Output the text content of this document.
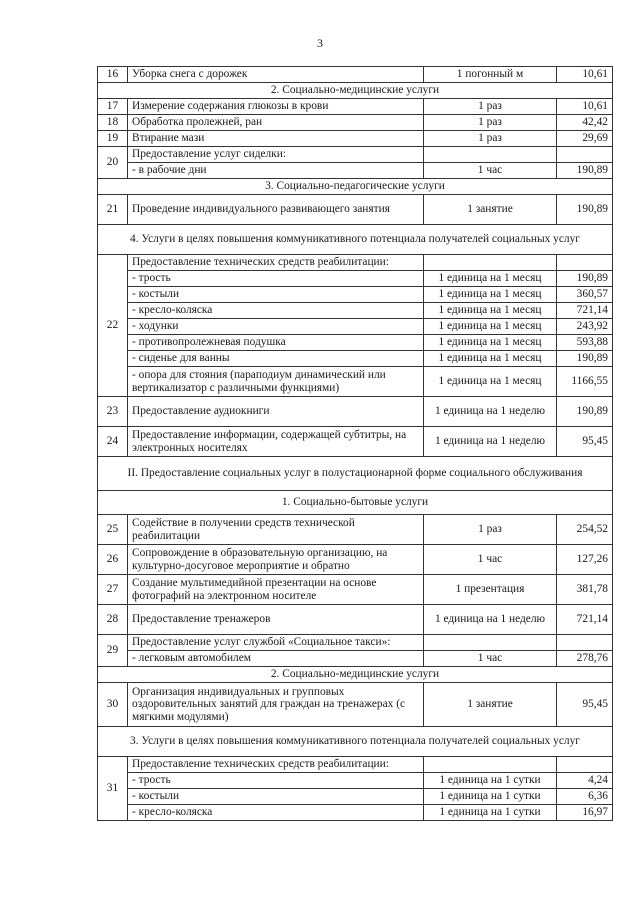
3
16	Уборка снега с дорожек	1 погонный м	10,61
2. Социально-медицинские услуги			
17	Измерение содержания глюкозы в крови	1 раз	10,61
18	Обработка пролежней, ран	1 раз	42,42
19	Втирание мази	1 раз	29,69
20	Предоставление услуг сиделки:		
	- в рабочие дни	1 час	190,89
3. Социально-педагогические услуги			
21	Проведение индивидуального развивающего занятия	1 занятие	190,89
4. Услуги в целях повышения коммуникативного потенциала получателей социальных услуг			
22	Предоставление технических средств реабилитации:		
	- трость	1 единица на 1 месяц	190,89
	- костыли	1 единица на 1 месяц	360,57
	- кресло-коляска	1 единица на 1 месяц	721,14
	- ходунки	1 единица на 1 месяц	243,92
	- противопролежневая подушка	1 единица на 1 месяц	593,88
	- сиденье для ванны	1 единица на 1 месяц	190,89
	- опора для стояния (парaподиум динамический или вертикализатор с различными функциями)	1 единица на 1 месяц	1166,55
23	Предоставление аудиокниги	1 единица на 1 неделю	190,89
24	Предоставление информации, содержащей субтитры, на электронных носителях	1 единица на 1 неделю	95,45
II. Предоставление социальных услуг в полустационарной форме социального обслуживания			
1. Социально-бытовые услуги			
25	Содействие в получении средств технической реабилитации	1 раз	254,52
26	Сопровождение в образовательную организацию, на культурно-досуговое мероприятие и обратно	1 час	127,26
27	Создание мультимедийной презентации на основе фотографий на электронном носителе	1 презентация	381,78
28	Предоставление тренажеров	1 единица на 1 неделю	721,14
29	Предоставление услуг службой «Социальное такси»:		
	- легковым автомобилем	1 час	278,76
2. Социально-медицинские услуги			
30	Организация индивидуальных и групповых оздоровительных занятий для граждан на тренажерах (с мягкими модулями)	1 занятие	95,45
3. Услуги в целях повышения коммуникативного потенциала получателей социальных услуг			
31	Предоставление технических средств реабилитации:		
	- трость	1 единица на 1 сутки	4,24
	- костыли	1 единица на 1 сутки	6,36
	- кресло-коляска	1 единица на 1 сутки	16,97
